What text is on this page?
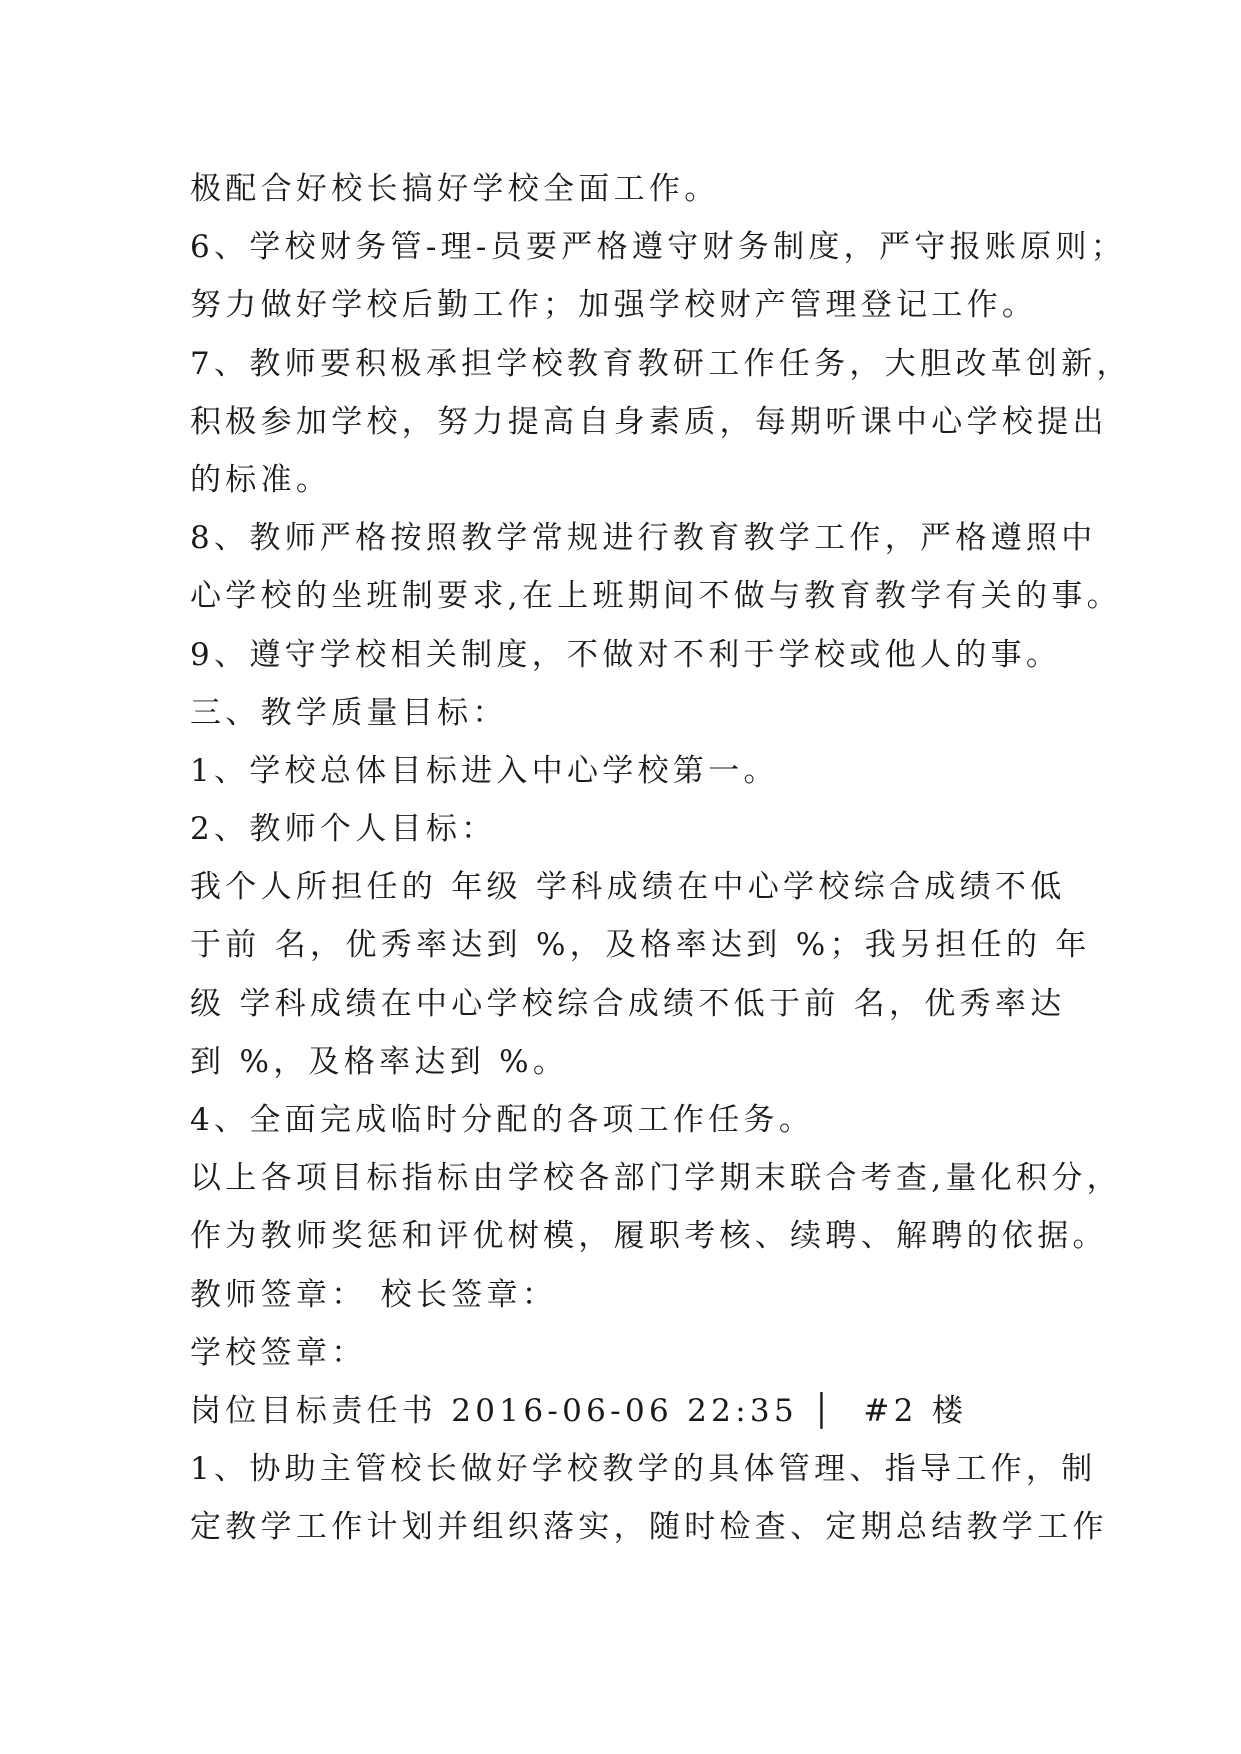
极配合好校长搞好学校全面工作。
6、学校财务管-理-员要严格遵守财务制度，严守报账原则；
努力做好学校后勤工作；加强学校财产管理登记工作。
7、教师要积极承担学校教育教研工作任务，大胆改革创新，
积极参加学校，努力提高自身素质，每期听课中心学校提出
的标准。
8、教师严格按照教学常规进行教育教学工作，严格遵照中
心学校的坐班制要求,在上班期间不做与教育教学有关的事。
9、遵守学校相关制度，不做对不利于学校或他人的事。
三、教学质量目标：
1、学校总体目标进入中心学校第一。
2、教师个人目标：
我个人所担任的 年级 学科成绩在中心学校综合成绩不低
于前 名，优秀率达到 %，及格率达到 %；我另担任的 年
级 学科成绩在中心学校综合成绩不低于前 名，优秀率达
到 %，及格率达到 %。
4、全面完成临时分配的各项工作任务。
以上各项目标指标由学校各部门学期末联合考查,量化积分，
作为教师奖惩和评优树模，履职考核、续聘、解聘的依据。
教师签章： 校长签章：
学校签章：
岗位目标责任书 2016-06-06 22:35 │  #2 楼
1、协助主管校长做好学校教学的具体管理、指导工作，制
定教学工作计划并组织落实，随时检查、定期总结教学工作
